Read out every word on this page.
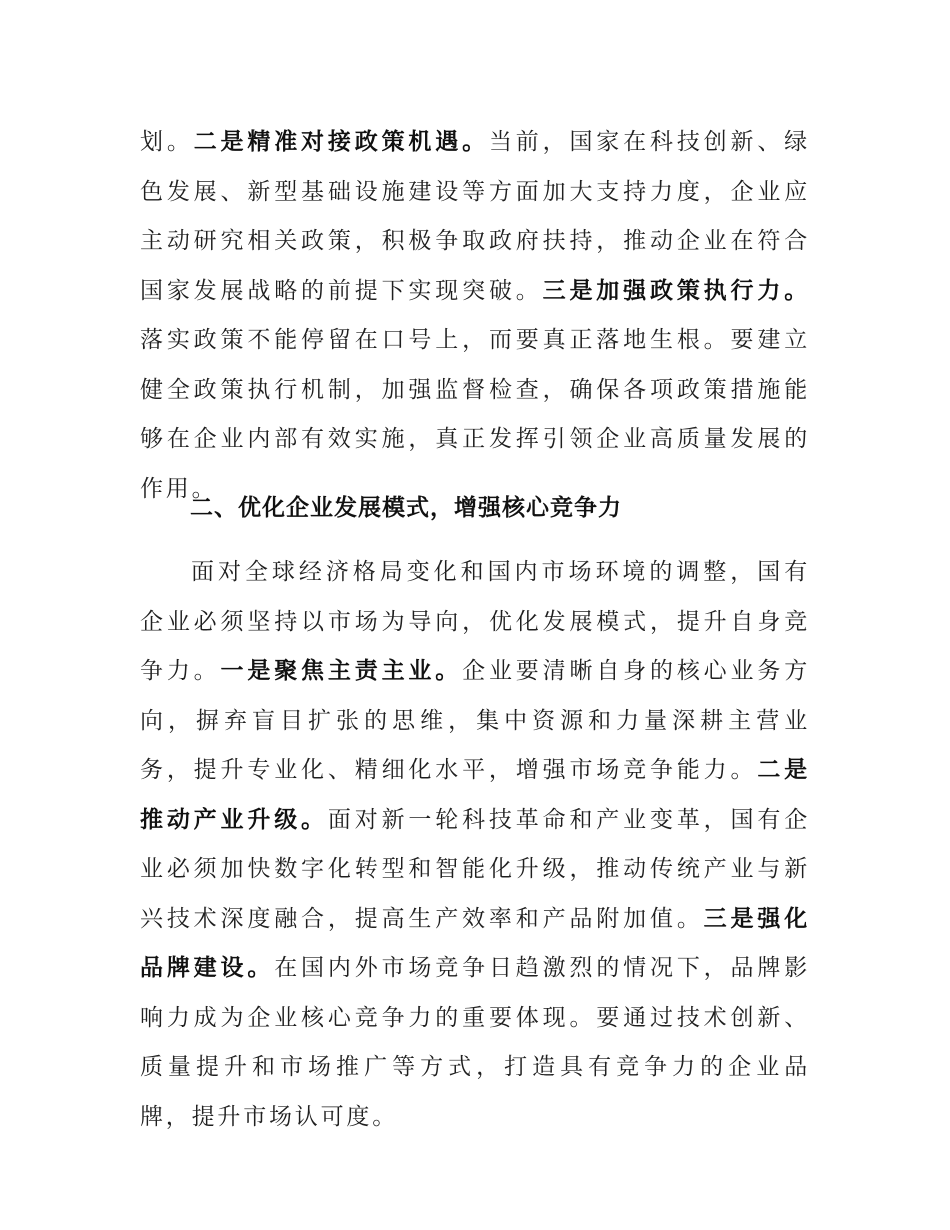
划。二是精准对接政策机遇。当前，国家在科技创新、绿色发展、新型基础设施建设等方面加大支持力度，企业应主动研究相关政策，积极争取政府扶持，推动企业在符合国家发展战略的前提下实现突破。三是加强政策执行力。落实政策不能停留在口号上，而要真正落地生根。要建立健全政策执行机制，加强监督检查，确保各项政策措施能够在企业内部有效实施，真正发挥引领企业高质量发展的作用。
二、优化企业发展模式，增强核心竞争力
面对全球经济格局变化和国内市场环境的调整，国有企业必须坚持以市场为导向，优化发展模式，提升自身竞争力。一是聚焦主责主业。企业要清晰自身的核心业务方向，摒弃盲目扩张的思维，集中资源和力量深耕主营业务，提升专业化、精细化水平，增强市场竞争能力。二是推动产业升级。面对新一轮科技革命和产业变革，国有企业必须加快数字化转型和智能化升级，推动传统产业与新兴技术深度融合，提高生产效率和产品附加值。三是强化品牌建设。在国内外市场竞争日趋激烈的情况下，品牌影响力成为企业核心竞争力的重要体现。要通过技术创新、质量提升和市场推广等方式，打造具有竞争力的企业品牌，提升市场认可度。
